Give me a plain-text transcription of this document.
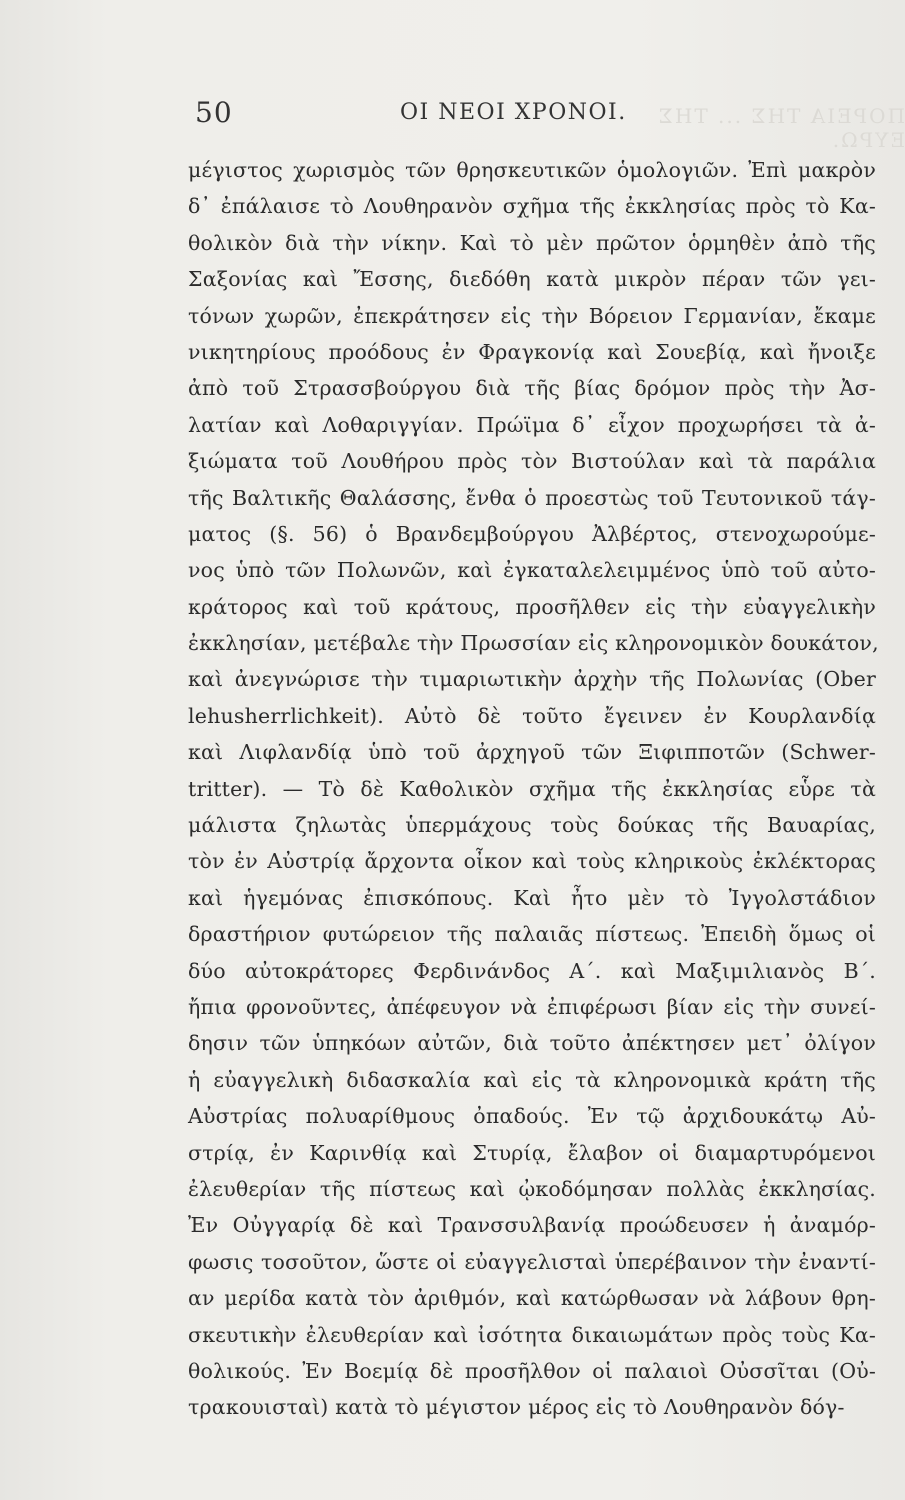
ΠΟΡΕΙΑ ΤΗΣ ... ΤΗΣ ΕΥΡΩ.
50	ΟΙ ΝΕΟΙ ΧΡΟΝΟΙ.
μέγιστος χωρισμὸς τῶν θρησκευτικῶν ὁμολογιῶν. Ἐπὶ μακρὸν
δ᾽ ἐπάλαισε τὸ Λουθηρανὸν σχῆμα τῆς ἐκκλησίας πρὸς τὸ Κα-
θολικὸν διὰ τὴν νίκην. Καὶ τὸ μὲν πρῶτον ὁρμηθὲν ἀπὸ τῆς
Σαξονίας καὶ Ἔσσης, διεδόθη κατὰ μικρὸν πέραν τῶν γει-
τόνων χωρῶν, ἐπεκράτησεν εἰς τὴν Βόρειον Γερμανίαν, ἔκαμε
νικητηρίους προόδους ἐν Φραγκονίᾳ καὶ Σουεβίᾳ, καὶ ἤνοιξε
ἀπὸ τοῦ Στρασσβούργου διὰ τῆς βίας δρόμον πρὸς τὴν Ἀσ-
λατίαν καὶ Λοθαριγγίαν. Πρώϊμα δ᾽ εἶχον προχωρήσει τὰ ἀ-
ξιώματα τοῦ Λουθήρου πρὸς τὸν Βιστούλαν καὶ τὰ παράλια
τῆς Βαλτικῆς Θαλάσσης, ἔνθα ὁ προεστὼς τοῦ Τευτονικοῦ τάγ-
ματος (§. 56) ὁ Βρανδεμβούργου Ἀλβέρτος, στενοχωρούμε-
νος ὑπὸ τῶν Πολωνῶν, καὶ ἐγκαταλελειμμένος ὑπὸ τοῦ αὐτο-
κράτορος καὶ τοῦ κράτους, προσῆλθεν εἰς τὴν εὐαγγελικὴν
ἐκκλησίαν, μετέβαλε τὴν Πρωσσίαν εἰς κληρονομικὸν δουκάτον,
καὶ ἀνεγνώρισε τὴν τιμαριωτικὴν ἀρχὴν τῆς Πολωνίας (Ober
lehusherrlichkeit). Αὐτὸ δὲ τοῦτο ἔγεινεν ἐν Κουρλανδίᾳ
καὶ Λιφλανδίᾳ ὑπὸ τοῦ ἀρχηγοῦ τῶν Ξιφιπποτῶν (Schwer-
tritter). — Τὸ δὲ Καθολικὸν σχῆμα τῆς ἐκκλησίας εὗρε τὰ
μάλιστα ζηλωτὰς ὑπερμάχους τοὺς δούκας τῆς Βαυαρίας,
τὸν ἐν Αὐστρίᾳ ἄρχοντα οἶκον καὶ τοὺς κληρικοὺς ἐκλέκτορας
καὶ ἡγεμόνας ἐπισκόπους. Καὶ ἦτο μὲν τὸ Ἰγγολστάδιον
δραστήριον φυτώρειον τῆς παλαιᾶς πίστεως. Ἐπειδὴ ὅμως οἱ
δύο αὐτοκράτορες Φερδινάνδος Α΄. καὶ Μαξιμιλιανὸς Β΄.
ἤπια φρονοῦντες, ἀπέφευγον νὰ ἐπιφέρωσι βίαν εἰς τὴν συνεί-
δησιν τῶν ὑπηκόων αὐτῶν, διὰ τοῦτο ἀπέκτησεν μετ᾽ ὀλίγον
ἡ εὐαγγελικὴ διδασκαλία καὶ εἰς τὰ κληρονομικὰ κράτη τῆς
Αὐστρίας πολυαρίθμους ὀπαδούς. Ἐν τῷ ἀρχιδουκάτῳ Αὐ-
στρίᾳ, ἐν Καρινθίᾳ καὶ Στυρίᾳ, ἔλαβον οἱ διαμαρτυρόμενοι
ἐλευθερίαν τῆς πίστεως καὶ ᾠκοδόμησαν πολλὰς ἐκκλησίας.
Ἐν Οὐγγαρίᾳ δὲ καὶ Τρανσσυλβανίᾳ προώδευσεν ἡ ἀναμόρ-
φωσις τοσοῦτον, ὥστε οἱ εὐαγγελισταὶ ὑπερέβαινον τὴν ἐναντί-
αν μερίδα κατὰ τὸν ἀριθμόν, καὶ κατώρθωσαν νὰ λάβουν θρη-
σκευτικὴν ἐλευθερίαν καὶ ἰσότητα δικαιωμάτων πρὸς τοὺς Κα-
θολικούς. Ἐν Βοεμίᾳ δὲ προσῆλθον οἱ παλαιοὶ Οὐσσῖται (Οὐ-
τρακουισταὶ) κατὰ τὸ μέγιστον μέρος εἰς τὸ Λουθηρανὸν δόγ-
